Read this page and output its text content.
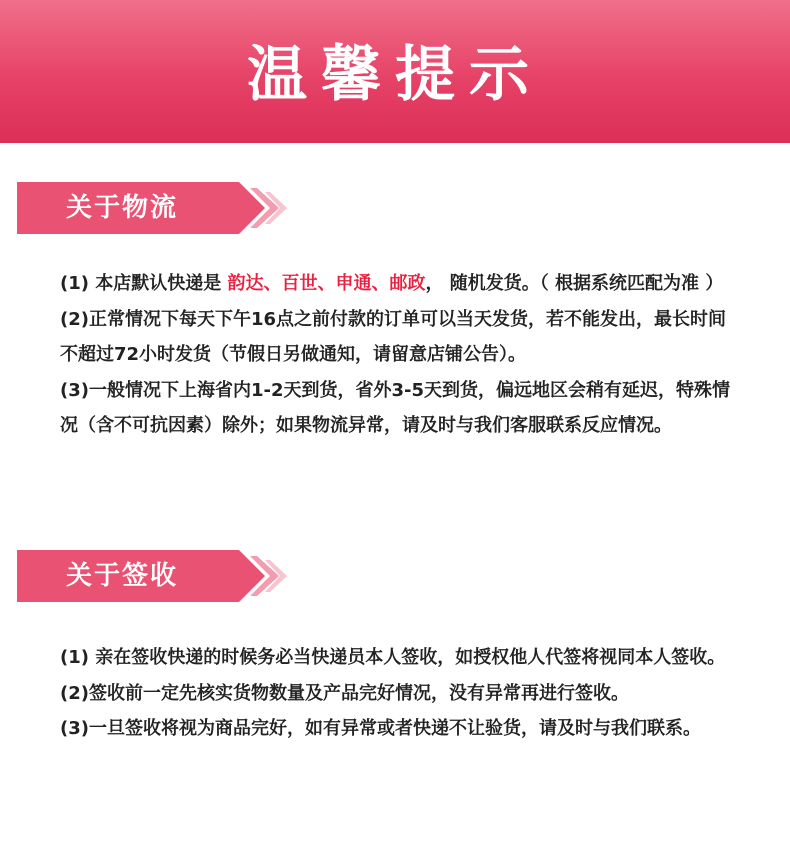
温馨提示
关于物流

(1) 本店默认快递是 韵达、百世、申通、邮政， 随机发货。（ 根据系统匹配为准 ）

(2)正常情况下每天下午16点之前付款的订单可以当天发货，若不能发出，最长时间不超过72小时发货（节假日另做通知，请留意店铺公告）。

(3)一般情况下上海省内1-2天到货，省外3-5天到货，偏远地区会稍有延迟，特殊情况（含不可抗因素）除外；如果物流异常，请及时与我们客服联系反应情况。

关于签收

(1) 亲在签收快递的时候务必当快递员本人签收，如授权他人代签将视同本人签收。

(2)签收前一定先核实货物数量及产品完好情况，没有异常再进行签收。

(3)一旦签收将视为商品完好，如有异常或者快递不让验货，请及时与我们联系。
